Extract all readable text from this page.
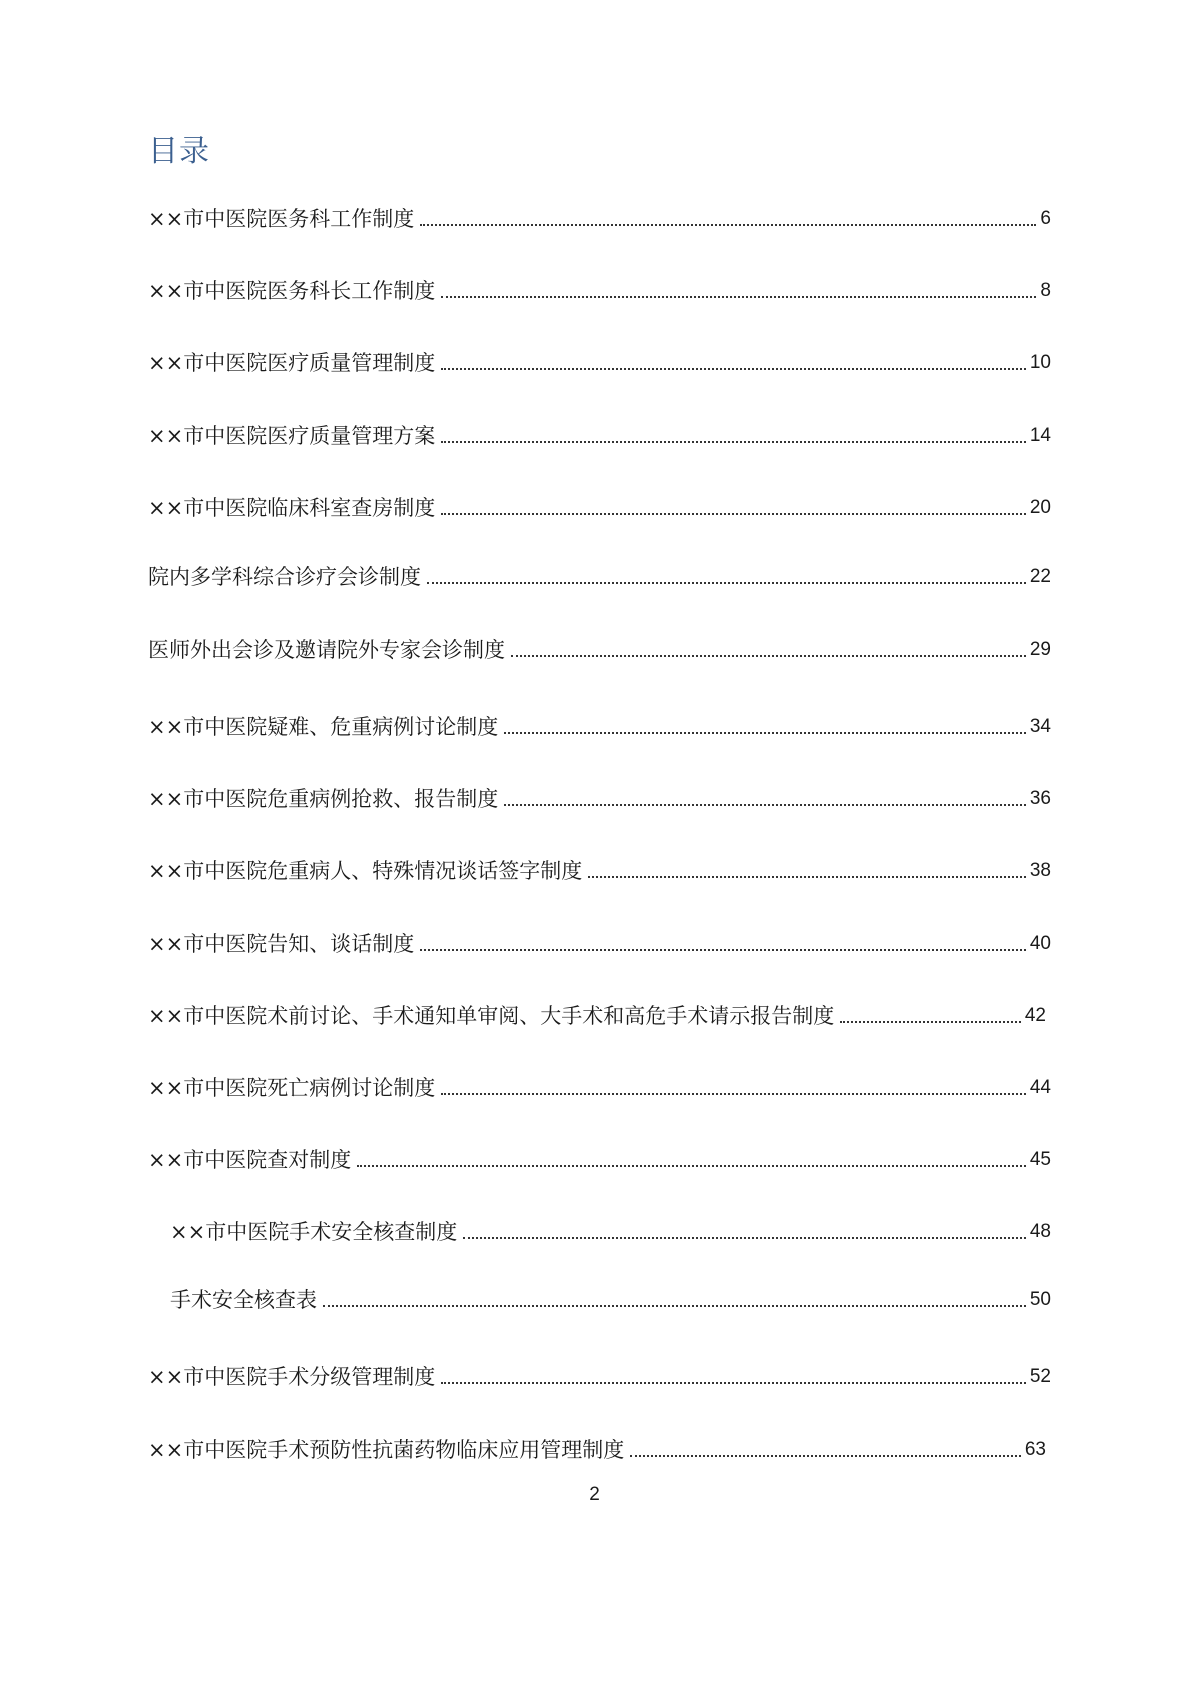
目录
××市中医院医务科工作制度	6
××市中医院医务科长工作制度	8
××市中医院医疗质量管理制度	10
××市中医院医疗质量管理方案	14
××市中医院临床科室查房制度	20
院内多学科综合诊疗会诊制度	22
医师外出会诊及邀请院外专家会诊制度	29
××市中医院疑难、危重病例讨论制度	34
××市中医院危重病例抢救、报告制度	36
××市中医院危重病人、特殊情况谈话签字制度	38
××市中医院告知、谈话制度	40
××市中医院术前讨论、手术通知单审阅、大手术和高危手术请示报告制度	42
××市中医院死亡病例讨论制度	44
××市中医院查对制度	45
××市中医院手术安全核查制度	48
手术安全核查表	50
××市中医院手术分级管理制度	52
××市中医院手术预防性抗菌药物临床应用管理制度	63
2
